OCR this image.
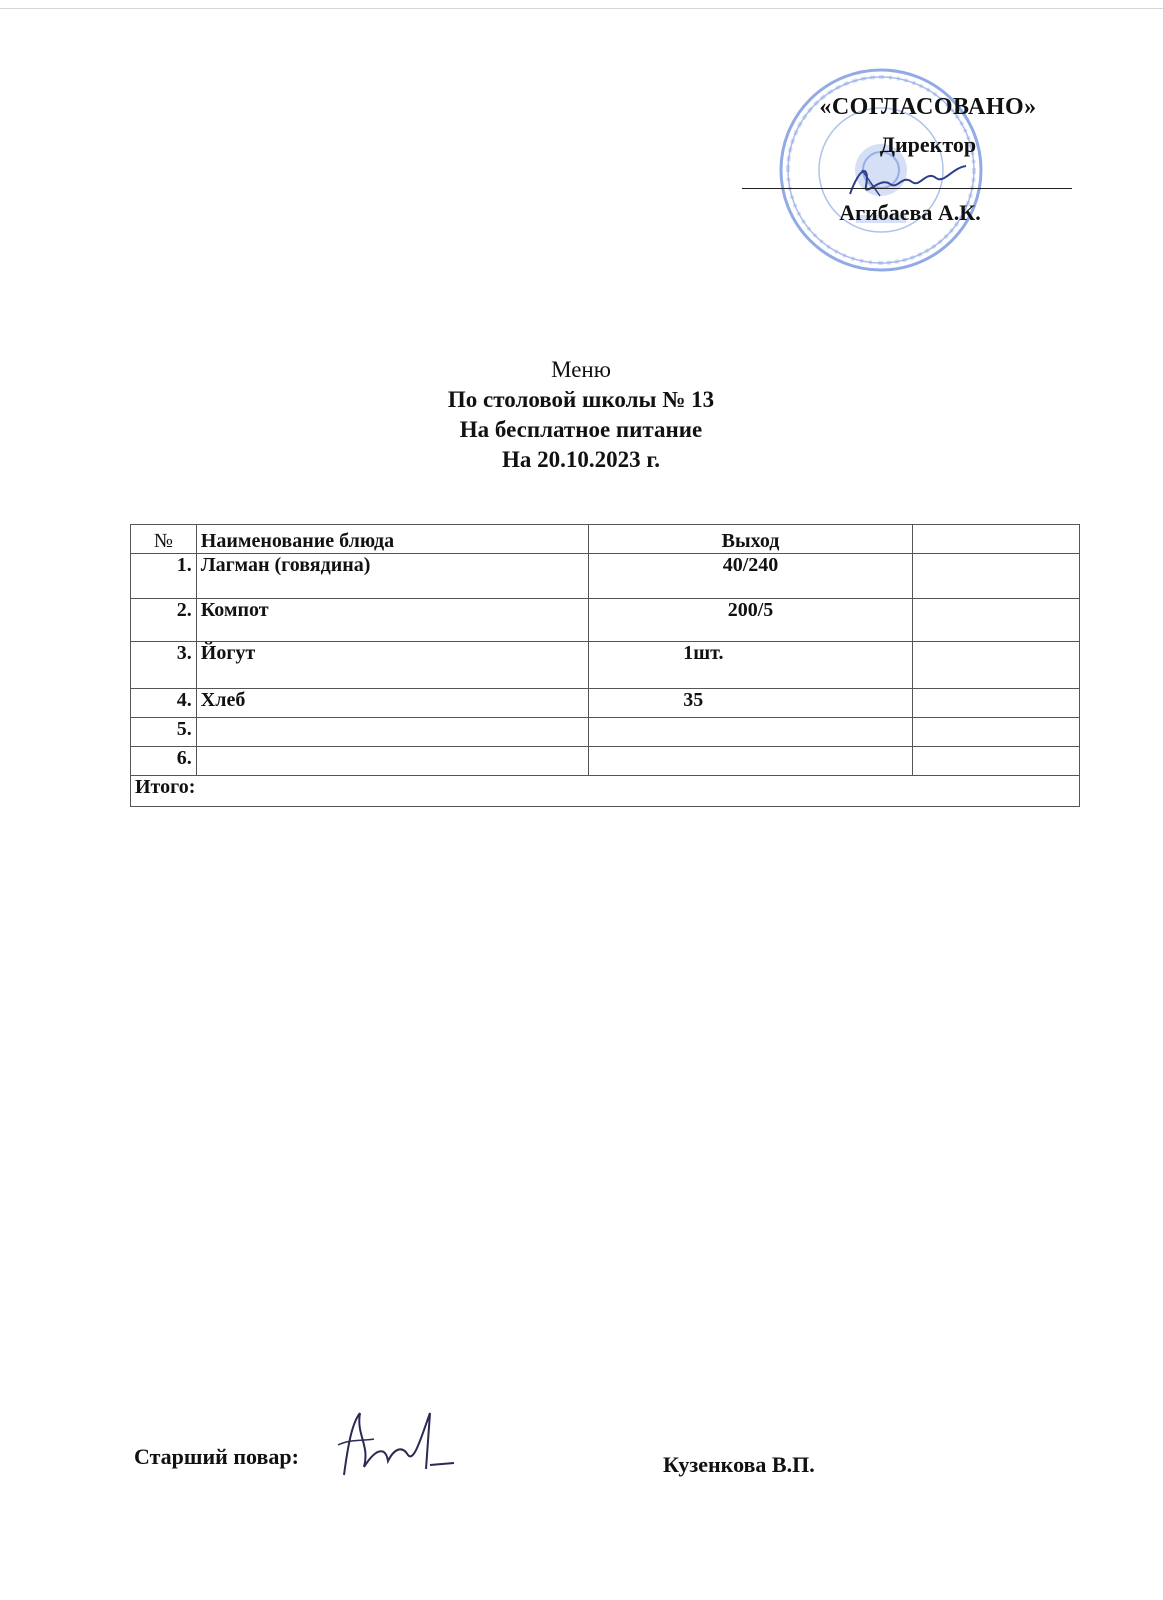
«СОГЛАСОВАНО»
Директор
Агибаева А.К.
Меню
По столовой школы № 13
На бесплатное питание
На 20.10.2023 г.
№	Наименование блюда	Выход	
1.	Лагман (говядина)	40/240	
2.	Компот	200/5	
3.	Йогут	1шт.	
4.	Хлеб	35	
5.			
6.			
Итого:			
Старший повар:	Кузенкова В.П.
